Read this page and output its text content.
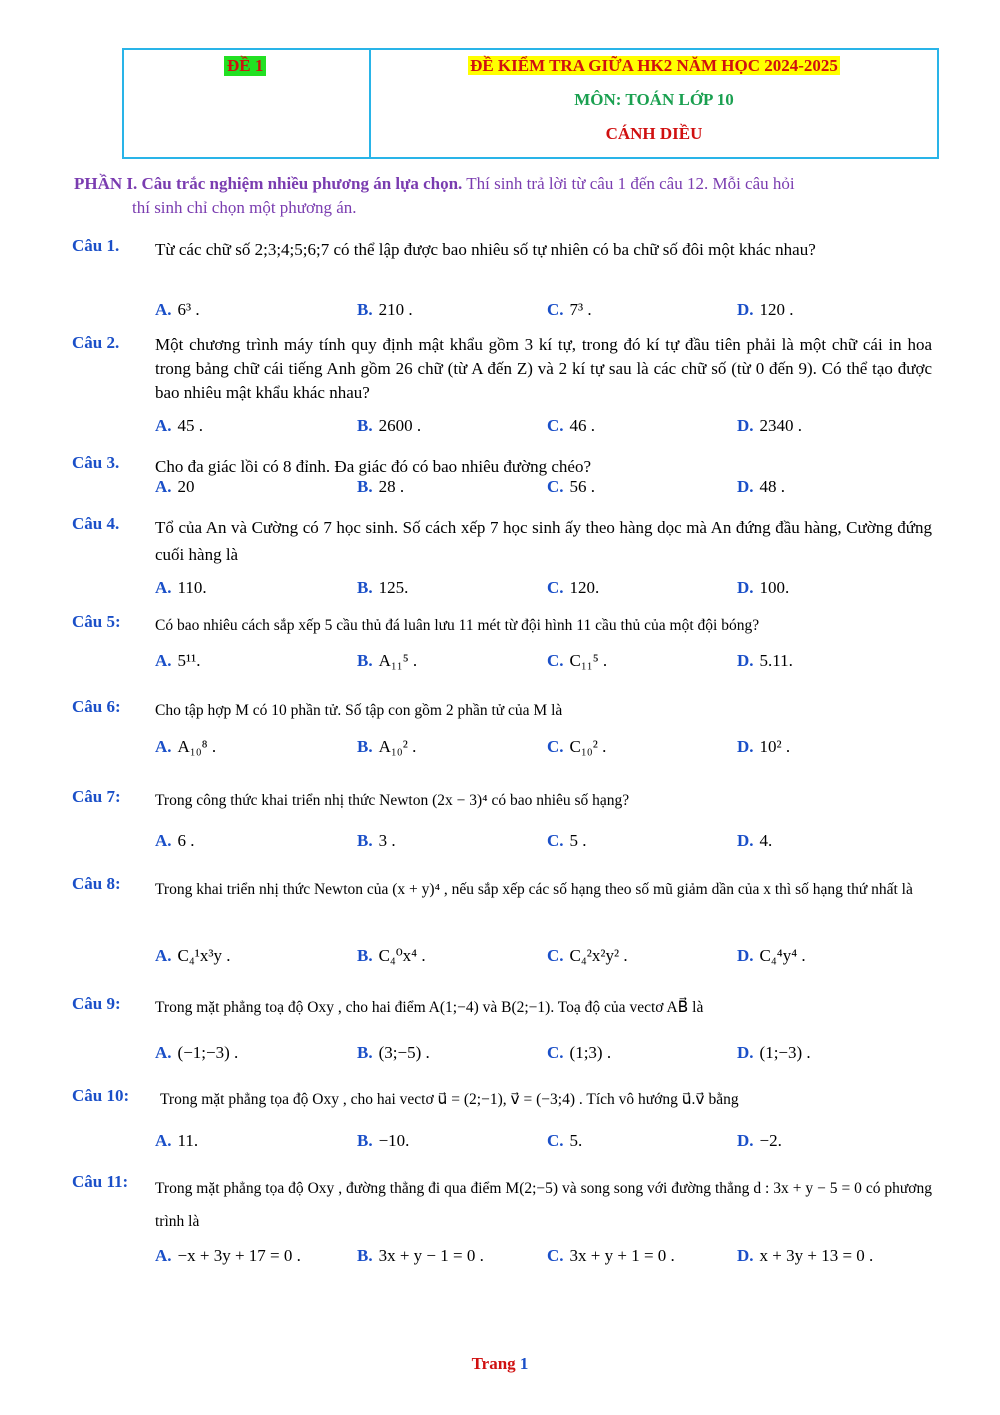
ĐỀ 1	ĐỀ KIỂM TRA GIỮA HK2 NĂM HỌC 2024-2025
MÔN: TOÁN LỚP 10
CÁNH DIỀU
PHẦN I. Câu trắc nghiệm nhiều phương án lựa chọn. Thí sinh trả lời từ câu 1 đến câu 12. Mỗi câu hỏi
thí sinh chỉ chọn một phương án.
Câu 1. Từ các chữ số 2;3;4;5;6;7 có thể lập được bao nhiêu số tự nhiên có ba chữ số đôi một khác nhau?
A. 6³ .	B. 210 .	C. 7³ .	D. 120 .
Câu 2. Một chương trình máy tính quy định mật khẩu gồm 3 kí tự, trong đó kí tự đầu tiên phải là một chữ cái in hoa trong bảng chữ cái tiếng Anh gồm 26 chữ (từ A đến Z) và 2 kí tự sau là các chữ số (từ 0 đến 9). Có thể tạo được bao nhiêu mật khẩu khác nhau?
A. 45 .	B. 2600 .	C. 46 .	D. 2340 .
Câu 3. Cho đa giác lồi có 8 đỉnh. Đa giác đó có bao nhiêu đường chéo?
A. 20	B. 28 .	C. 56 .	D. 48 .
Câu 4. Tổ của An và Cường có 7 học sinh. Số cách xếp 7 học sinh ấy theo hàng dọc mà An đứng đầu hàng, Cường đứng cuối hàng là
A. 110.	B. 125.	C. 120.	D. 100.
Câu 5: Có bao nhiêu cách sắp xếp 5 cầu thủ đá luân lưu 11 mét từ đội hình 11 cầu thủ của một đội bóng?
A. 5¹¹.	B. A₁₁⁵ .	C. C₁₁⁵ .	D. 5.11.
Câu 6: Cho tập hợp M có 10 phần tử. Số tập con gồm 2 phần tử của M là
A. A₁₀⁸ .	B. A₁₀² .	C. C₁₀² .	D. 10² .
Câu 7: Trong công thức khai triển nhị thức Newton (2x − 3)⁴ có bao nhiêu số hạng?
A. 6 .	B. 3 .	C. 5 .	D. 4.
Câu 8: Trong khai triển nhị thức Newton của (x + y)⁴ , nếu sắp xếp các số hạng theo số mũ giảm dần của x thì số hạng thứ nhất là
A. C₄¹x³y .	B. C₄⁰x⁴ .	C. C₄²x²y² .	D. C₄⁴y⁴ .
Câu 9: Trong mặt phẳng toạ độ Oxy , cho hai điểm A(1;−4) và B(2;−1). Toạ độ của vectơ AB⃗ là
A. (−1;−3) .	B. (3;−5) .	C. (1;3) .	D. (1;−3) .
Câu 10: Trong mặt phẳng tọa độ Oxy , cho hai vectơ u⃗ = (2;−1), v⃗ = (−3;4) . Tích vô hướng u⃗.v⃗ bằng
A. 11.	B. −10.	C. 5.	D. −2.
Câu 11: Trong mặt phẳng tọa độ Oxy , đường thẳng đi qua điểm M(2;−5) và song song với đường thẳng d : 3x + y − 5 = 0 có phương trình là
A. −x + 3y + 17 = 0 .	B. 3x + y − 1 = 0 .	C. 3x + y + 1 = 0 .	D. x + 3y + 13 = 0 .
Trang 1
